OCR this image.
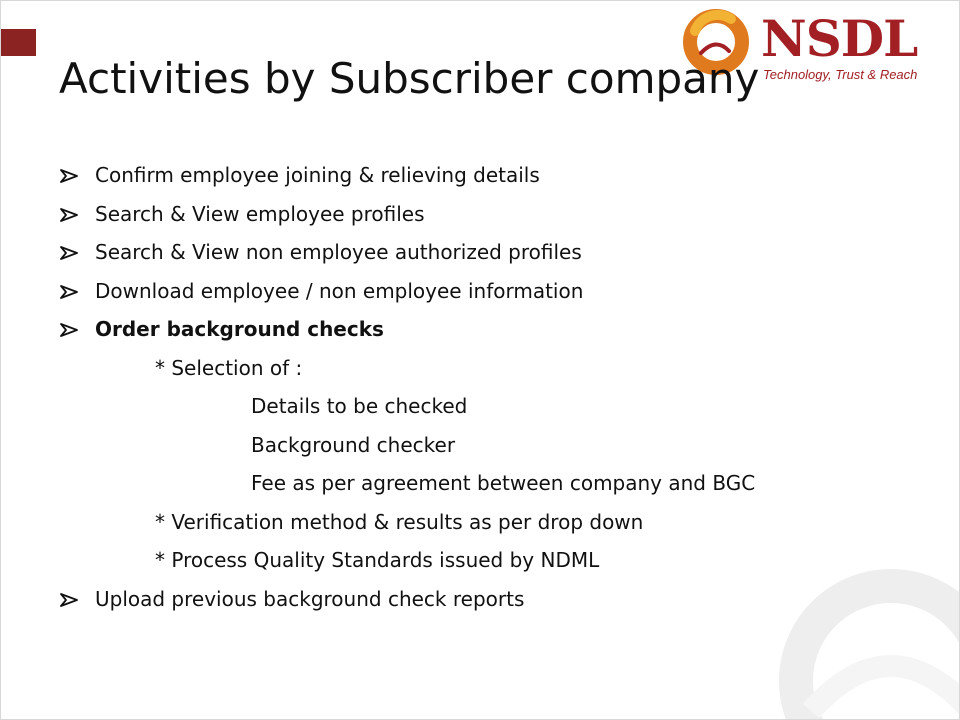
NSDL
Technology, Trust & Reach
Activities by Subscriber company
Confirm employee joining & relieving details
Search & View employee profiles
Search & View non employee authorized profiles
Download employee / non employee information
Order background checks
* Selection of :
Details to be checked
Background checker
Fee as per agreement between company and BGC
* Verification method & results as per drop down
* Process Quality Standards issued by NDML
Upload previous background check reports
